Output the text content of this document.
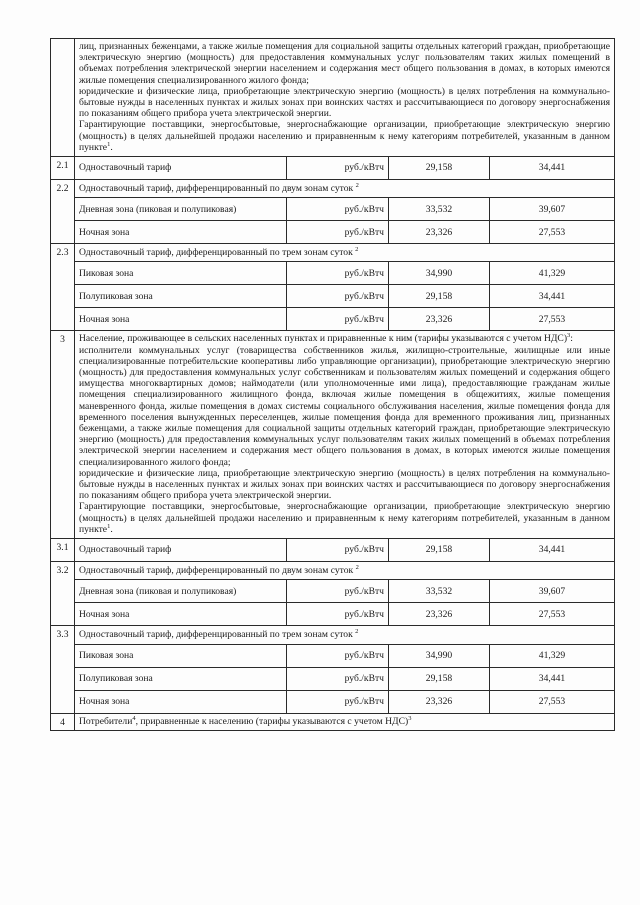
лиц, признанных беженцами, а также жилые помещения для социальной защиты отдельных категорий граждан, приобретающие электрическую энергию (мощность) для предоставления коммунальных услуг пользователям таких жилых помещений в объемах потребления электрической энергии населением и содержания мест общего пользования в домах, в которых имеются жилые помещения специализированного жилого фонда;

юридические и физические лица, приобретающие электрическую энергию (мощность) в целях потребления на коммунально-бытовые нужды в населенных пунктах и жилых зонах при воинских частях и рассчитывающиеся по договору энергоснабжения по показаниям общего прибора учета электрической энергии.

Гарантирующие поставщики, энергосбытовые, энергоснабжающие организации, приобретающие электрическую энергию (мощность) в целях дальнейшей продажи населению и приравненным к нему категориям потребителей, указанным в данном пункте$^1$.

2.1	Одноставочный тариф	руб./кВтч	29,158	34,441

2.2	Одноставочный тариф, дифференцированный по двум зонам суток $^2$
Дневная зона (пиковая и полупиковая)	руб./кВтч	33,532	39,607
Ночная зона	руб./кВтч	23,326	27,553

2.3	Одноставочный тариф, дифференцированный по трем зонам суток $^2$
Пиковая зона	руб./кВтч	34,990	41,329
Полупиковая зона	руб./кВтч	29,158	34,441
Ночная зона	руб./кВтч	23,326	27,553

3	Население, проживающее в сельских населенных пунктах и приравненные к ним (тарифы указываются с учетом НДС)$^3$:

исполнители коммунальных услуг (товарищества собственников жилья, жилищно-строительные, жилищные или иные специализированные потребительские кооперативы либо управляющие организации), приобретающие электрическую энергию (мощность) для предоставления коммунальных услуг собственникам и пользователям жилых помещений и содержания общего имущества многоквартирных домов; наймодатели (или уполномоченные ими лица), предоставляющие гражданам жилые помещения специализированного жилищного фонда, включая жилые помещения в общежитиях, жилые помещения маневренного фонда, жилые помещения в домах системы социального обслуживания населения, жилые помещения фонда для временного поселения вынужденных переселенцев, жилые помещения фонда для временного проживания лиц, признанных беженцами, а также жилые помещения для социальной защиты отдельных категорий граждан, приобретающие электрическую энергию (мощность) для предоставления коммунальных услуг пользователям таких жилых помещений в объемах потребления электрической энергии населением и содержания мест общего пользования в домах, в которых имеются жилые помещения специализированного жилого фонда;

юридические и физические лица, приобретающие электрическую энергию (мощность) в целях потребления на коммунально-бытовые нужды в населенных пунктах и жилых зонах при воинских частях и рассчитывающиеся по договору энергоснабжения по показаниям общего прибора учета электрической энергии.

Гарантирующие поставщики, энергосбытовые, энергоснабжающие организации, приобретающие электрическую энергию (мощность) в целях дальнейшей продажи населению и приравненным к нему категориям потребителей, указанным в данном пункте$^1$.

3.1	Одноставочный тариф	руб./кВтч	29,158	34,441

3.2	Одноставочный тариф, дифференцированный по двум зонам суток $^2$
Дневная зона (пиковая и полупиковая)	руб./кВтч	33,532	39,607
Ночная зона	руб./кВтч	23,326	27,553

3.3	Одноставочный тариф, дифференцированный по трем зонам суток $^2$
Пиковая зона	руб./кВтч	34,990	41,329
Полупиковая зона	руб./кВтч	29,158	34,441
Ночная зона	руб./кВтч	23,326	27,553

4	Потребители$^4$, приравненные к населению (тарифы указываются с учетом НДС)$^3$
